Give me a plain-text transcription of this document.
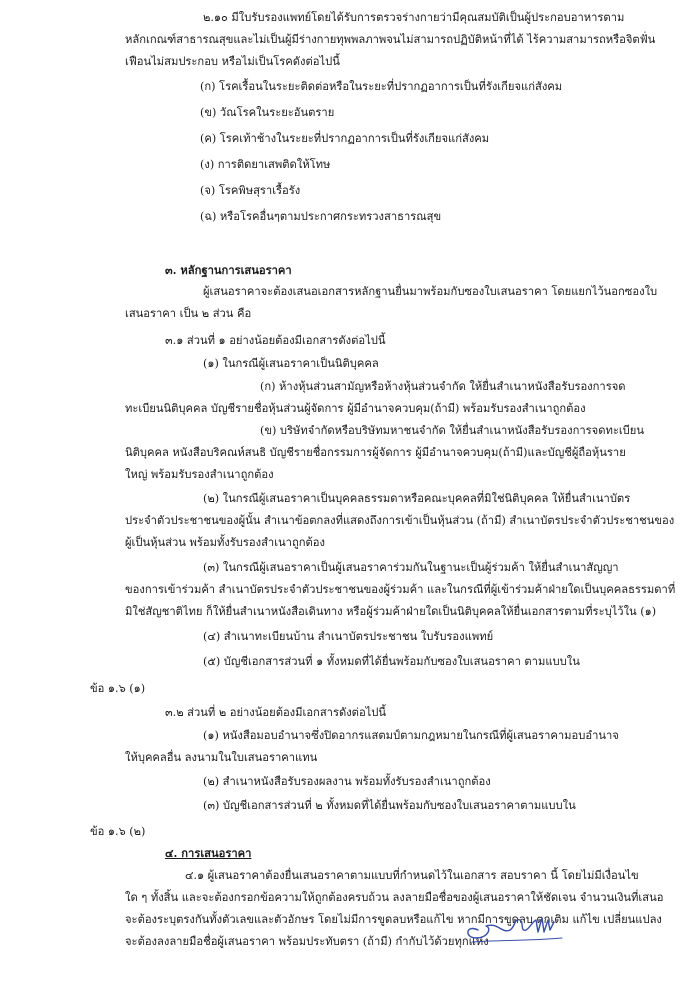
๒.๑๐ มีใบรับรองแพทย์โดยได้รับการตรวจร่างกายว่ามีคุณสมบัติเป็นผู้ประกอบอาหารตาม
หลักเกณฑ์สาธารณสุขและไม่เป็นผู้มีร่างกายทุพพลภาพจนไม่สามารถปฏิบัติหน้าที่ได้ ไร้ความสามารถหรือจิตฟั่น
เฟือนไม่สมประกอบ หรือไม่เป็นโรคดังต่อไปนี้
(ก) โรคเรื้อนในระยะติดต่อหรือในระยะที่ปรากฏอาการเป็นที่รังเกียจแก่สังคม
(ข) วัณโรคในระยะอันตราย
(ค) โรคเท้าช้างในระยะที่ปรากฏอาการเป็นที่รังเกียจแก่สังคม
(ง) การติดยาเสพติดให้โทษ
(จ) โรคพิษสุราเรื้อรัง
(ฉ) หรือโรคอื่นๆตามประกาศกระทรวงสาธารณสุข
๓. หลักฐานการเสนอราคา
ผู้เสนอราคาจะต้องเสนอเอกสารหลักฐานยื่นมาพร้อมกับซองใบเสนอราคา โดยแยกไว้นอกซองใบ
เสนอราคา เป็น ๒ ส่วน คือ
๓.๑ ส่วนที่ ๑ อย่างน้อยต้องมีเอกสารดังต่อไปนี้
(๑) ในกรณีผู้เสนอราคาเป็นนิติบุคคล
(ก) ห้างหุ้นส่วนสามัญหรือห้างหุ้นส่วนจำกัด ให้ยื่นสำเนาหนังสือรับรองการจด
ทะเบียนนิติบุคคล บัญชีรายชื่อหุ้นส่วนผู้จัดการ ผู้มีอำนาจควบคุม(ถ้ามี) พร้อมรับรองสำเนาถูกต้อง
(ข) บริษัทจำกัดหรือบริษัทมหาชนจำกัด ให้ยื่นสำเนาหนังสือรับรองการจดทะเบียน
นิติบุคคล หนังสือบริคณห์สนธิ บัญชีรายชื่อกรรมการผู้จัดการ ผู้มีอำนาจควบคุม(ถ้ามี)และบัญชีผู้ถือหุ้นราย
ใหญ่ พร้อมรับรองสำเนาถูกต้อง
(๒) ในกรณีผู้เสนอราคาเป็นบุคคลธรรมดาหรือคณะบุคคลที่มิใช่นิติบุคคล ให้ยื่นสำเนาบัตร
ประจำตัวประชาชนของผู้นั้น สำเนาข้อตกลงที่แสดงถึงการเข้าเป็นหุ้นส่วน (ถ้ามี) สำเนาบัตรประจำตัวประชาชนของ
ผู้เป็นหุ้นส่วน พร้อมทั้งรับรองสำเนาถูกต้อง
(๓) ในกรณีผู้เสนอราคาเป็นผู้เสนอราคาร่วมกันในฐานะเป็นผู้ร่วมค้า ให้ยื่นสำเนาสัญญา
ของการเข้าร่วมค้า สำเนาบัตรประจำตัวประชาชนของผู้ร่วมค้า และในกรณีที่ผู้เข้าร่วมค้าฝ่ายใดเป็นบุคคลธรรมดาที่
มิใช่สัญชาติไทย ก็ให้ยื่นสำเนาหนังสือเดินทาง หรือผู้ร่วมค้าฝ่ายใดเป็นนิติบุคคลให้ยื่นเอกสารตามที่ระบุไว้ใน (๑)
(๔) สำเนาทะเบียนบ้าน สำเนาบัตรประชาชน ใบรับรองแพทย์
(๕) บัญชีเอกสารส่วนที่ ๑ ทั้งหมดที่ได้ยื่นพร้อมกับซองใบเสนอราคา ตามแบบใน
ข้อ ๑.๖ (๑)
๓.๒ ส่วนที่ ๒ อย่างน้อยต้องมีเอกสารดังต่อไปนี้
(๑) หนังสือมอบอำนาจซึ่งปิดอากรแสตมป์ตามกฎหมายในกรณีที่ผู้เสนอราคามอบอำนาจ
ให้บุคคลอื่น ลงนามในใบเสนอราคาแทน
(๒) สำเนาหนังสือรับรองผลงาน พร้อมทั้งรับรองสำเนาถูกต้อง
(๓) บัญชีเอกสารส่วนที่ ๒ ทั้งหมดที่ได้ยื่นพร้อมกับซองใบเสนอราคาตามแบบใน
ข้อ ๑.๖ (๒)
๔. การเสนอราคา
๔.๑ ผู้เสนอราคาต้องยื่นเสนอราคาตามแบบที่กำหนดไว้ในเอกสาร สอบราคา นี้ โดยไม่มีเงื่อนไข
ใด ๆ ทั้งสิ้น และจะต้องกรอกข้อความให้ถูกต้องครบถ้วน ลงลายมือชื่อของผู้เสนอราคาให้ชัดเจน จำนวนเงินที่เสนอ
จะต้องระบุตรงกันทั้งตัวเลขและตัวอักษร โดยไม่มีการขูดลบหรือแก้ไข หากมีการขูดลบ ตกเติม แก้ไข เปลี่ยนแปลง
จะต้องลงลายมือชื่อผู้เสนอราคา พร้อมประทับตรา (ถ้ามี) กำกับไว้ด้วยทุกแห่ง
